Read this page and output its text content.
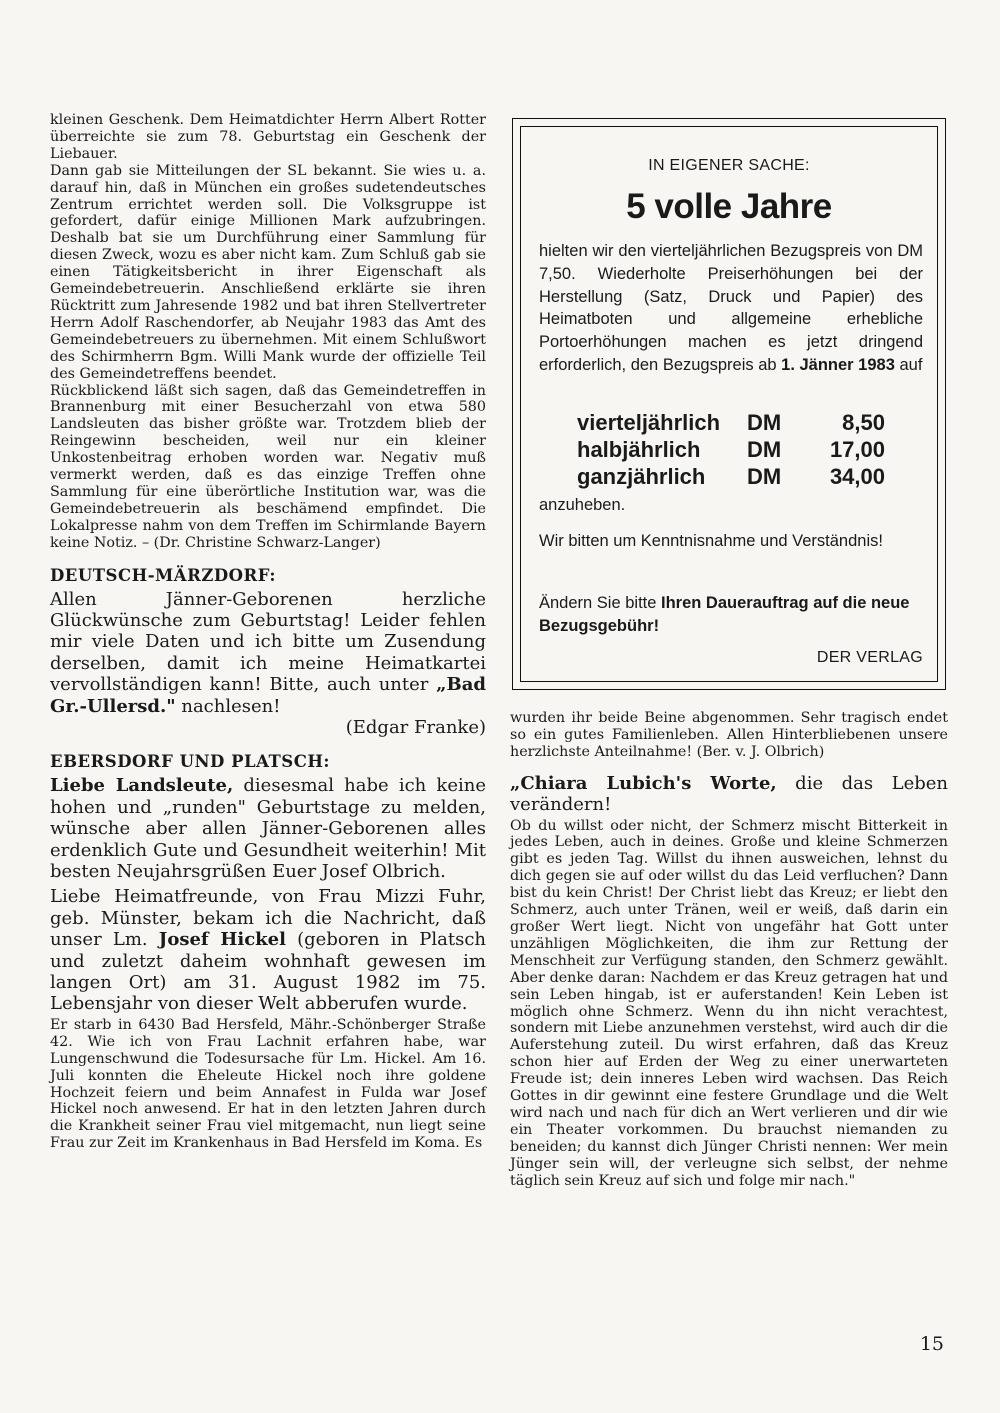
kleinen Geschenk. Dem Heimatdichter Herrn Albert Rotter überreichte sie zum 78. Geburtstag ein Geschenk der Liebauer.

Dann gab sie Mitteilungen der SL bekannt. Sie wies u. a. darauf hin, daß in München ein großes sudetendeutsches Zentrum errichtet werden soll. Die Volksgruppe ist gefordert, dafür einige Millionen Mark aufzubringen. Deshalb bat sie um Durchführung einer Sammlung für diesen Zweck, wozu es aber nicht kam. Zum Schluß gab sie einen Tätigkeitsbericht in ihrer Eigenschaft als Gemeindebetreuerin. Anschließend erklärte sie ihren Rücktritt zum Jahresende 1982 und bat ihren Stellvertreter Herrn Adolf Raschendorfer, ab Neujahr 1983 das Amt des Gemeindebetreuers zu übernehmen. Mit einem Schlußwort des Schirmherrn Bgm. Willi Mank wurde der offizielle Teil des Gemeindetreffens beendet.

Rückblickend läßt sich sagen, daß das Gemeindetreffen in Brannenburg mit einer Besucherzahl von etwa 580 Landsleuten das bisher größte war. Trotzdem blieb der Reingewinn bescheiden, weil nur ein kleiner Unkostenbeitrag erhoben worden war. Negativ muß vermerkt werden, daß es das einzige Treffen ohne Sammlung für eine überörtliche Institution war, was die Gemeindebetreuerin als beschämend empfindet. Die Lokalpresse nahm von dem Treffen im Schirmlande Bayern keine Notiz. – (Dr. Christine Schwarz-Langer)

DEUTSCH-MÄRZDORF:

Allen Jänner-Geborenen herzliche Glückwünsche zum Geburtstag! Leider fehlen mir viele Daten und ich bitte um Zusendung derselben, damit ich meine Heimatkartei vervollständigen kann! Bitte, auch unter „Bad Gr.-Ullersd." nachlesen!

(Edgar Franke)

EBERSDORF UND PLATSCH:

Liebe Landsleute, diesesmal habe ich keine hohen und „runden" Geburtstage zu melden, wünsche aber allen Jänner-Geborenen alles erdenklich Gute und Gesundheit weiterhin! Mit besten Neujahrsgrüßen Euer Josef Olbrich.

Liebe Heimatfreunde, von Frau Mizzi Fuhr, geb. Münster, bekam ich die Nachricht, daß unser Lm. Josef Hickel (geboren in Platsch und zuletzt daheim wohnhaft gewesen im langen Ort) am 31. August 1982 im 75. Lebensjahr von dieser Welt abberufen wurde.

Er starb in 6430 Bad Hersfeld, Mähr.-Schönberger Straße 42. Wie ich von Frau Lachnit erfahren habe, war Lungenschwund die Todesursache für Lm. Hickel. Am 16. Juli konnten die Eheleute Hickel noch ihre goldene Hochzeit feiern und beim Annafest in Fulda war Josef Hickel noch anwesend. Er hat in den letzten Jahren durch die Krankheit seiner Frau viel mitgemacht, nun liegt seine Frau zur Zeit im Krankenhaus in Bad Hersfeld im Koma. Es

IN EIGENER SACHE:
5 volle Jahre
hielten wir den vierteljährlichen Bezugspreis von DM 7,50. Wiederholte Preiserhöhungen bei der Herstellung (Satz, Druck und Papier) des Heimatboten und allgemeine erhebliche Portoerhöhungen machen es jetzt dringend erforderlich, den Bezugspreis ab 1. Jänner 1983 auf
vierteljährlich	DM	8,50
halbjährlich	DM	17,00
ganzjährlich	DM	34,00
anzuheben.
Wir bitten um Kenntnisnahme und Verständnis!
Ändern Sie bitte Ihren Dauerauftrag auf die neue Bezugsgebühr!
DER VERLAG

wurden ihr beide Beine abgenommen. Sehr tragisch endet so ein gutes Familienleben. Allen Hinterbliebenen unsere herzlichste Anteilnahme! (Ber. v. J. Olbrich)

„Chiara Lubich's Worte, die das Leben verändern!

Ob du willst oder nicht, der Schmerz mischt Bitterkeit in jedes Leben, auch in deines. Große und kleine Schmerzen gibt es jeden Tag. Willst du ihnen ausweichen, lehnst du dich gegen sie auf oder willst du das Leid verfluchen? Dann bist du kein Christ! Der Christ liebt das Kreuz; er liebt den Schmerz, auch unter Tränen, weil er weiß, daß darin ein großer Wert liegt. Nicht von ungefähr hat Gott unter unzähligen Möglichkeiten, die ihm zur Rettung der Menschheit zur Verfügung standen, den Schmerz gewählt. Aber denke daran: Nachdem er das Kreuz getragen hat und sein Leben hingab, ist er auferstanden! Kein Leben ist möglich ohne Schmerz. Wenn du ihn nicht verachtest, sondern mit Liebe anzunehmen verstehst, wird auch dir die Auferstehung zuteil. Du wirst erfahren, daß das Kreuz schon hier auf Erden der Weg zu einer unerwarteten Freude ist; dein inneres Leben wird wachsen. Das Reich Gottes in dir gewinnt eine festere Grundlage und die Welt wird nach und nach für dich an Wert verlieren und dir wie ein Theater vorkommen. Du brauchst niemanden zu beneiden; du kannst dich Jünger Christi nennen: Wer mein Jünger sein will, der verleugne sich selbst, der nehme täglich sein Kreuz auf sich und folge mir nach."

15
